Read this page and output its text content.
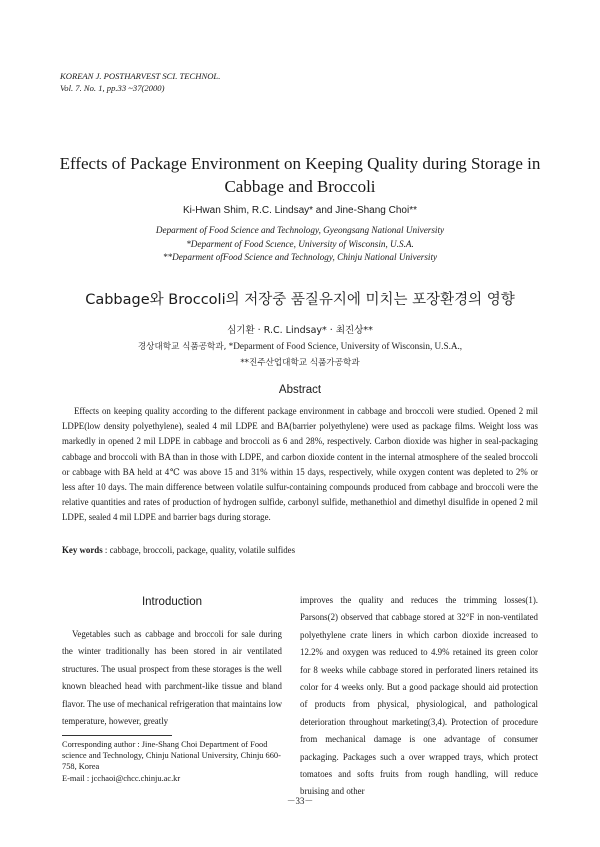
KOREAN J. POSTHARVEST SCI. TECHNOL.
Vol. 7. No. 1, pp.33 ~37(2000)
Effects of Package Environment on Keeping Quality during Storage in Cabbage and Broccoli
Ki-Hwan Shim, R.C. Lindsay* and Jine-Shang Choi**
Deparment of Food Science and Technology, Gyeongsang National University
*Deparment of Food Scıence, University of Wisconsin, U.S.A.
**Deparment ofFood Science and Technology, Chinju National University
Cabbage와 Broccoli의 저장중 품질유지에 미치는 포장환경의 영향
심기환 · R.C. Lindsay* · 최진상**
경상대학교 식품공학과, *Deparment of Food Science, University of Wisconsin, U.S.A.,
**진주산업대학교 식품가공학과
Abstract

Effects on keeping quality according to the different package environment in cabbage and broccoli were studied. Opened 2 mil LDPE(low density polyethylene), sealed 4 mil LDPE and BA(barrier polyethylene) were used as package films. Weight loss was markedly in opened 2 mil LDPE in cabbage and broccoli as 6 and 28%, respectively. Carbon dioxide was higher in seal-packaging cabbage and broccoli with BA than in those with LDPE, and carbon dioxide content in the internal atmosphere of the sealed broccoli or cabbage with BA held at 4℃ was above 15 and 31% within 15 days, respectively, while oxygen content was depleted to 2% or less after 10 days. The main difference between volatile sulfur-containing compounds produced from cabbage and broccoli were the relative quantities and rates of production of hydrogen sulfide, carbonyl sulfide, methanethiol and dimethyl disulfide in opened 2 mil LDPE, sealed 4 mil LDPE and barrier bags during storage.

Key words : cabbage, broccoli, package, quality, volatile sulfides
Introduction

Vegetables such as cabbage and broccoli for sale during the winter traditionally has been stored in air ventilated structures. The usual prospect from these storages is the well known bleached head with parchment-like tissue and bland flavor. The use of mechanical refrigeration that maintains low temperature, however, greatly

improves the quality and reduces the trimming losses(1). Parsons(2) observed that cabbage stored at 32°F in non-ventilated polyethylene crate liners in which carbon dioxide increased to 12.2% and oxygen was reduced to 4.9% retained its green color for 8 weeks while cabbage stored in perforated liners retained its color for 4 weeks only. But a good package should aid protection of products from physical, physiological, and pathological deterioration throughout marketing(3,4). Protection of procedure from mechanical damage is one advantage of consumer packaging. Packages such a over wrapped trays, which protect tomatoes and softs fruits from rough handling, will reduce bruising and other

Corresponding author : Jine-Shang Choi Department of Food science and Technology, Chinju National University, Chinju 660-758, Korea
E-mail : jcchaoi@chcc.chinju.ac.kr
－33－
